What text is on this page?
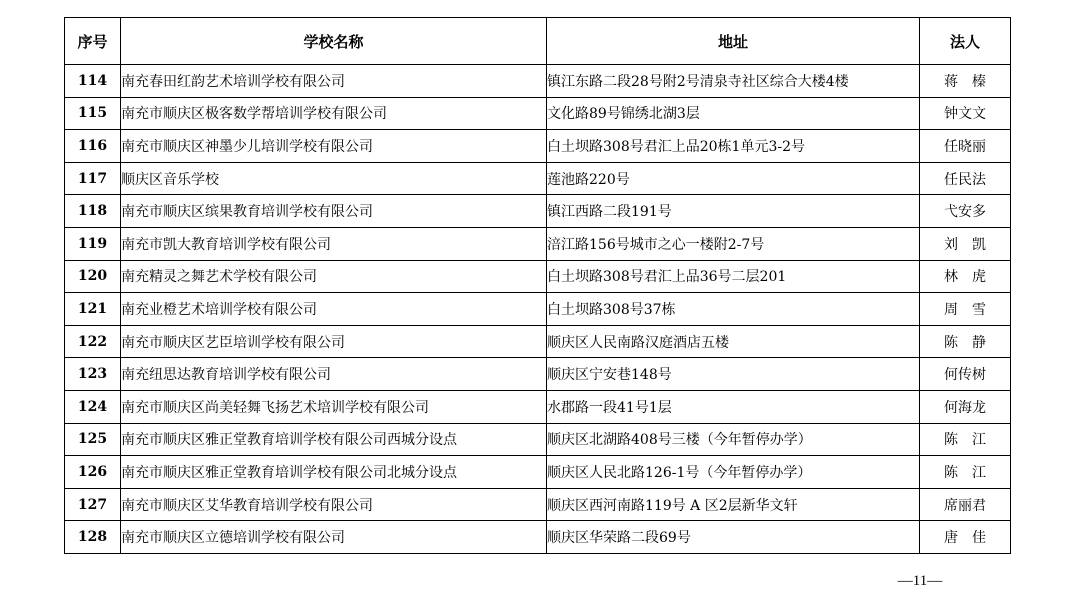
序号	学校名称	地址	法人
114	南充春田红韵艺术培训学校有限公司	镇江东路二段28号附2号清泉寺社区综合大楼4楼	蒋　榛
115	南充市顺庆区极客数学帮培训学校有限公司	文化路89号锦绣北湖3层	钟文文
116	南充市顺庆区神墨少儿培训学校有限公司	白土坝路308号君汇上品20栋1单元3-2号	任晓丽
117	顺庆区音乐学校	莲池路220号	任民法
118	南充市顺庆区缤果教育培训学校有限公司	镇江西路二段191号	弋安多
119	南充市凯大教育培训学校有限公司	涪江路156号城市之心一楼附2-7号	刘　凯
120	南充精灵之舞艺术学校有限公司	白土坝路308号君汇上品36号二层201	林　虎
121	南充业橙艺术培训学校有限公司	白土坝路308号37栋	周　雪
122	南充市顺庆区艺臣培训学校有限公司	顺庆区人民南路汉庭酒店五楼	陈　静
123	南充纽思达教育培训学校有限公司	顺庆区宁安巷148号	何传树
124	南充市顺庆区尚美轻舞飞扬艺术培训学校有限公司	水郡路一段41号1层	何海龙
125	南充市顺庆区雅正堂教育培训学校有限公司西城分设点	顺庆区北湖路408号三楼（今年暂停办学）	陈　江
126	南充市顺庆区雅正堂教育培训学校有限公司北城分设点	顺庆区人民北路126-1号（今年暂停办学）	陈　江
127	南充市顺庆区艾华教育培训学校有限公司	顺庆区西河南路119号 A 区2层新华文轩	席丽君
128	南充市顺庆区立德培训学校有限公司	顺庆区华荣路二段69号	唐　佳
—11—
